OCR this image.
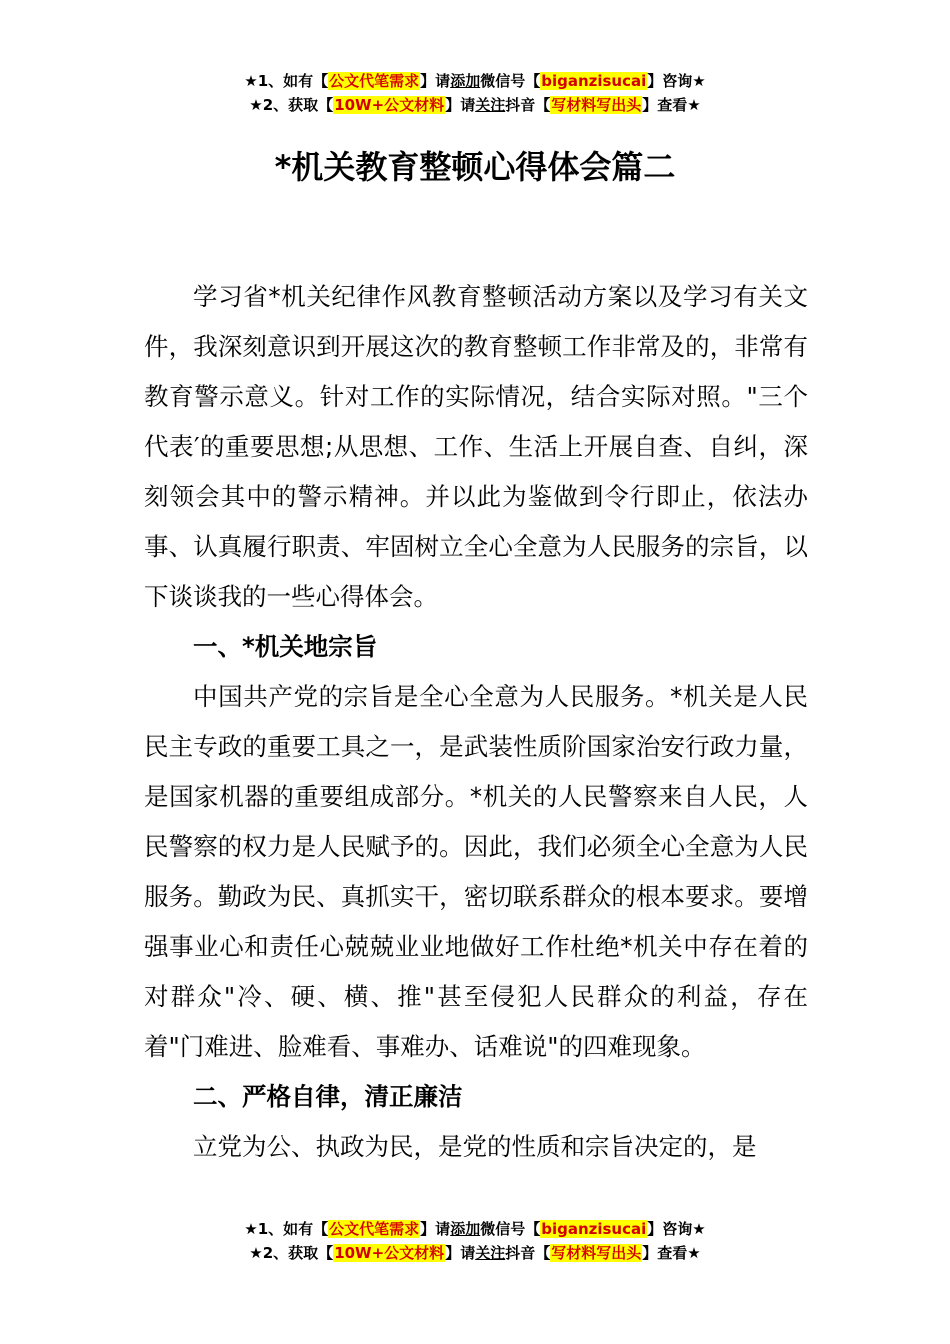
★1、如有【公文代笔需求】请添加微信号【biganzisucai】咨询★
★2、获取【10W+公文材料】请关注抖音【写材料写出头】查看★
*机关教育整顿心得体会篇二

学习省*机关纪律作风教育整顿活动方案以及学习有关文件，我深刻意识到开展这次的教育整顿工作非常及的，非常有教育警示意义。针对工作的实际情况，结合实际对照。"三个代表′的重要思想;从思想、工作、生活上开展自查、自纠，深刻领会其中的警示精神。并以此为鉴做到令行即止，依法办事、认真履行职责、牢固树立全心全意为人民服务的宗旨，以下谈谈我的一些心得体会。

一、*机关地宗旨

中国共产党的宗旨是全心全意为人民服务。*机关是人民民主专政的重要工具之一，是武装性质阶国家治安行政力量，是国家机器的重要组成部分。*机关的人民警察来自人民，人民警察的权力是人民赋予的。因此，我们必须全心全意为人民服务。勤政为民、真抓实干，密切联系群众的根本要求。要增强事业心和责任心兢兢业业地做好工作杜绝*机关中存在着的对群众"冷、硬、横、推"甚至侵犯人民群众的利益，存在着"门难进、脸难看、事难办、话难说"的四难现象。

二、严格自律，清正廉洁

立党为公、执政为民，是党的性质和宗旨决定的，是

★1、如有【公文代笔需求】请添加微信号【biganzisucai】咨询★
★2、获取【10W+公文材料】请关注抖音【写材料写出头】查看★
